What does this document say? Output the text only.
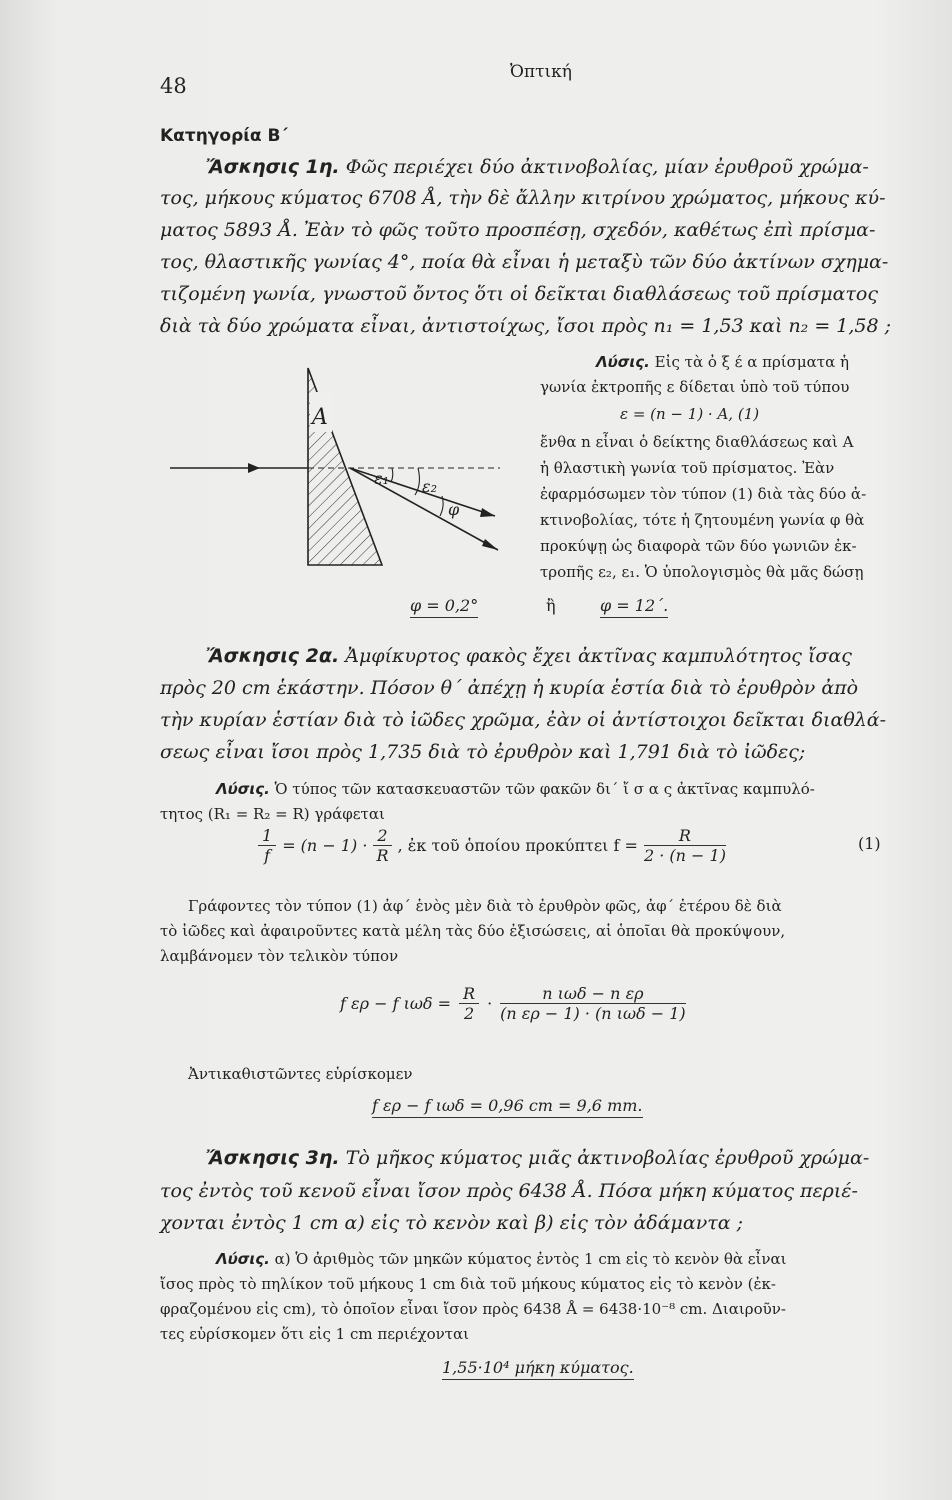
48
Ὀπτική
Κατηγορία Β΄
Ἄσκησις 1η. Φῶς περιέχει δύο ἀκτινοβολίας, μίαν ἐρυθροῦ χρώμα-
τος, μήκους κύματος 6708 Å, τὴν δὲ ἄλλην κιτρίνου χρώματος, μήκους κύ-
ματος 5893 Å. Ἐὰν τὸ φῶς τοῦτο προσπέσῃ, σχεδόν, καθέτως ἐπὶ πρίσμα-
τος, θλαστικῆς γωνίας 4°, ποία θὰ εἶναι ἡ μεταξὺ τῶν δύο ἀκτίνων σχημα-
τιζομένη γωνία, γνωστοῦ ὄντος ὅτι οἱ δεῖκται διαθλάσεως τοῦ πρίσματος
διὰ τὰ δύο χρώματα εἶναι, ἀντιστοίχως, ἴσοι πρὸς n₁ = 1,53 καὶ n₂ = 1,58 ;
A
ε₁ ε₂
φ
Λύσις. Εἰς τὰ ὀ ξ έ α πρίσματα ἡ
γωνία ἐκτροπῆς ε δίδεται ὑπὸ τοῦ τύπου
ε = (n − 1) · A, (1)
ἔνθα n εἶναι ὁ δείκτης διαθλάσεως καὶ A
ἡ θλαστικὴ γωνία τοῦ πρίσματος. Ἐὰν
ἐφαρμόσωμεν τὸν τύπον (1) διὰ τὰς δύο ἀ-
κτινοβολίας, τότε ἡ ζητουμένη γωνία φ θὰ
προκύψῃ ὡς διαφορὰ τῶν δύο γωνιῶν ἐκ-
τροπῆς ε₂, ε₁. Ὁ ὑπολογισμὸς θὰ μᾶς δώσῃ
φ = 0,2°	ἢ	φ = 12΄.
Ἄσκησις 2α. Ἀμφίκυρτος φακὸς ἔχει ἀκτῖνας καμπυλότητος ἴσας
πρὸς 20 cm ἑκάστην. Πόσον θ΄ ἀπέχῃ ἡ κυρία ἑστία διὰ τὸ ἐρυθρὸν ἀπὸ
τὴν κυρίαν ἑστίαν διὰ τὸ ἰῶδες χρῶμα, ἐὰν οἱ ἀντίστοιχοι δεῖκται διαθλά-
σεως εἶναι ἴσοι πρὸς 1,735 διὰ τὸ ἐρυθρὸν καὶ 1,791 διὰ τὸ ἰῶδες;
Λύσις. Ὁ τύπος τῶν κατασκευαστῶν τῶν φακῶν δι΄ ἴ σ α ς ἀκτῖνας καμπυλό-
τητος (R₁ = R₂ = R) γράφεται
$\frac{1}{f} = (n - 1) \cdot \frac{2}{R}$ , ἐκ τοῦ ὁποίου προκύπτει $f = \frac{R}{2 \cdot (n - 1)}$	(1)
Γράφοντες τὸν τύπον (1) ἀφ΄ ἑνὸς μὲν διὰ τὸ ἐρυθρὸν φῶς, ἀφ΄ ἑτέρου δὲ διὰ
τὸ ἰῶδες καὶ ἀφαιροῦντες κατὰ μέλη τὰς δύο ἐξισώσεις, αἱ ὁποῖαι θὰ προκύψουν,
λαμβάνομεν τὸν τελικὸν τύπον
f ερ − f $\iota\omega\delta = \frac{R}{2} \cdot \frac{\text{n ιωδ − n ερ}}{\text{(n ερ − 1) · (n ιωδ − 1)}}$
Ἀντικαθιστῶντες εὑρίσκομεν
f ερ − f ιωδ = 0,96 cm = 9,6 mm.
Ἄσκησις 3η. Τὸ μῆκος κύματος μιᾶς ἀκτινοβολίας ἐρυθροῦ χρώμα-
τος ἐντὸς τοῦ κενοῦ εἶναι ἴσον πρὸς 6438 Å. Πόσα μήκη κύματος περιέ-
χονται ἐντὸς 1 cm α) εἰς τὸ κενὸν καὶ β) εἰς τὸν ἀδάμαντα ;
Λύσις. α) Ὁ ἀριθμὸς τῶν μηκῶν κύματος ἐντὸς 1 cm εἰς τὸ κενὸν θὰ εἶναι
ἴσος πρὸς τὸ πηλίκον τοῦ μήκους 1 cm διὰ τοῦ μήκους κύματος εἰς τὸ κενὸν (ἐκ-
φραζομένου εἰς cm), τὸ ὁποῖον εἶναι ἴσον πρὸς 6438 Å = 6438·10⁻⁸ cm. Διαιροῦν-
τες εὑρίσκομεν ὅτι εἰς 1 cm περιέχονται
1,55·10⁴ μήκη κύματος.
